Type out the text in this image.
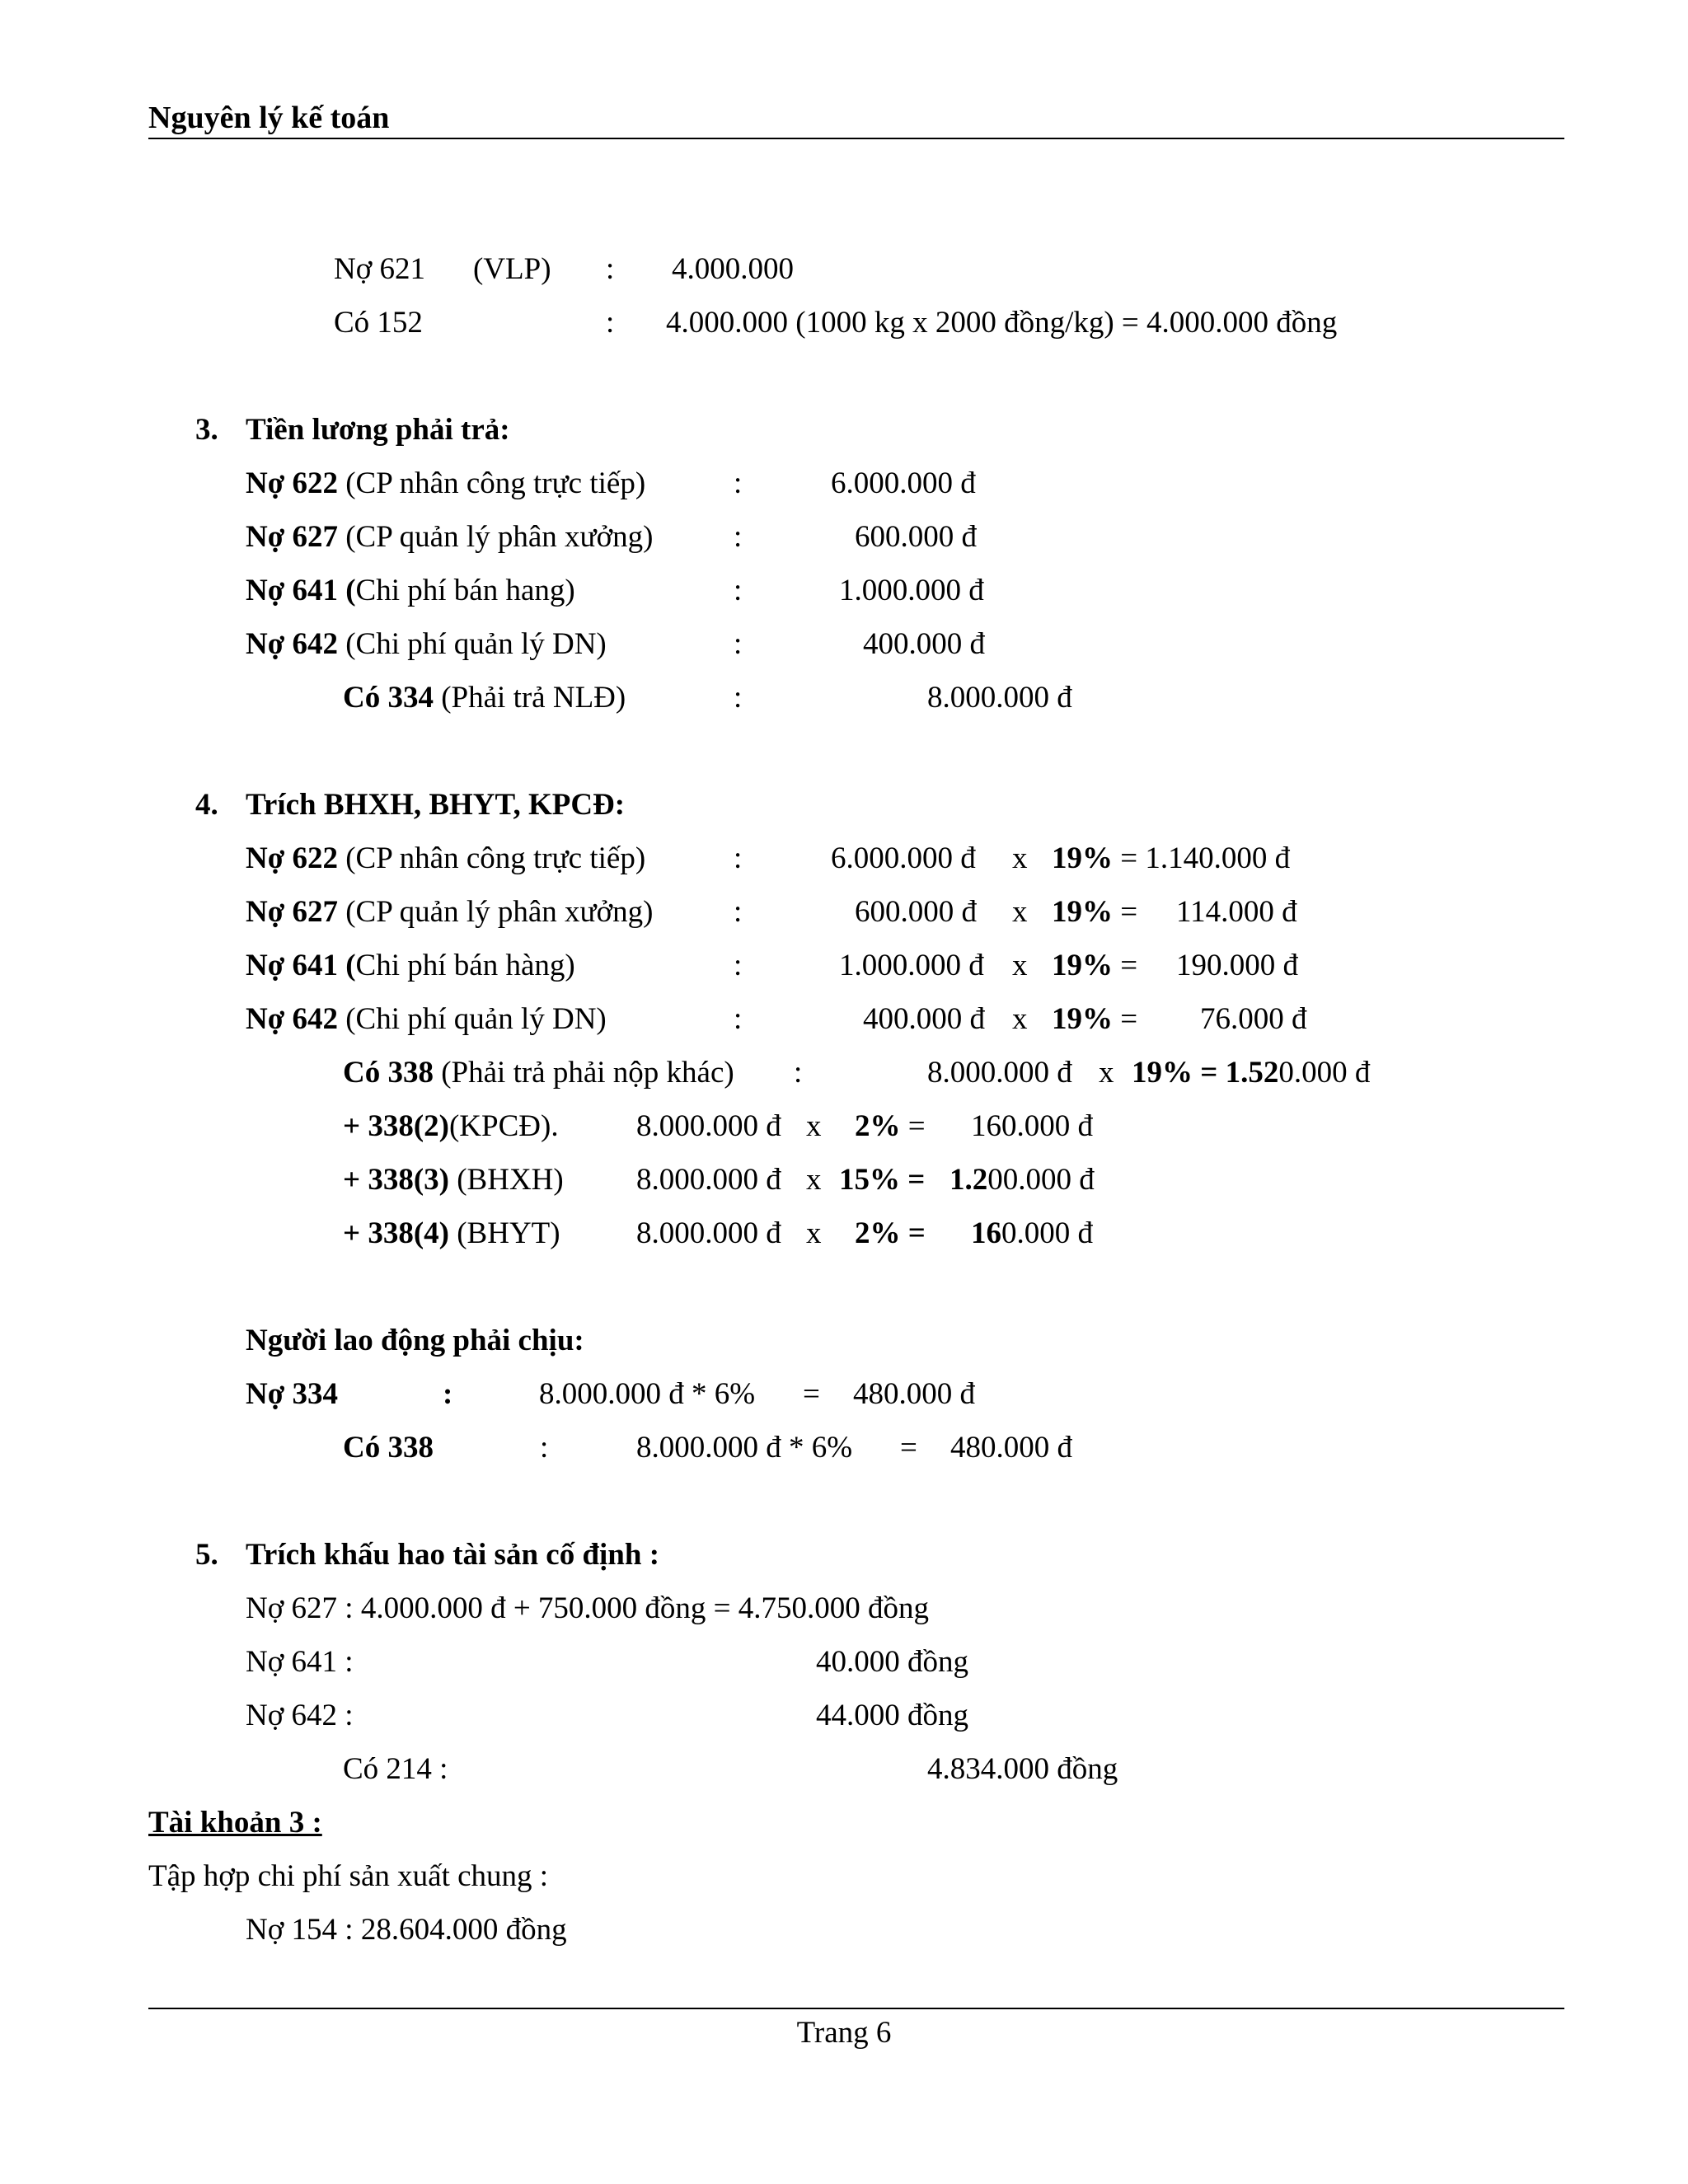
Nguyên lý kế toán
Nợ 621 (VLP) : 4.000.000
Có 152	: 4.000.000 (1000 kg x 2000 đồng/kg) = 4.000.000 đồng
3. Tiền lương phải trả:
Nợ 622 (CP nhân công trực tiếp)	:	6.000.000 đ
Nợ 627 (CP quản lý phân xưởng)	:	600.000 đ
Nợ 641 (Chi phí bán hang)	:	1.000.000 đ
Nợ 642 (Chi phí quản lý DN)	:	400.000 đ
Có 334 (Phải trả NLĐ)	:	8.000.000 đ
4. Trích BHXH, BHYT, KPCĐ:
Nợ 622 (CP nhân công trực tiếp)	:	6.000.000 đ x 19% = 1.140.000 đ
Nợ 627 (CP quản lý phân xưởng)	:	600.000 đ x 19% = 114.000 đ
Nợ 641 (Chi phí bán hàng)	:	1.000.000 đ x 19% = 190.000 đ
Nợ 642 (Chi phí quản lý DN)	:	400.000 đ x 19% = 76.000 đ
Có 338 (Phải trả phải nộp khác) :	8.000.000 đ x 19% = 1.520.000 đ
+ 338(2)(KPCĐ).	8.000.000 đ x 2% = 160.000 đ
+ 338(3) (BHXH) 8.000.000 đ x 15% = 1.200.000 đ
+ 338(4) (BHYT) 8.000.000 đ x 2% = 160.000 đ
Người lao động phải chịu:
Nợ 334	:	8.000.000 đ * 6% = 480.000 đ
Có 338	:	8.000.000 đ * 6% = 480.000 đ
5. Trích khấu hao tài sản cố định :
Nợ 627 : 4.000.000 đ + 750.000 đồng = 4.750.000 đồng
Nợ 641 :	40.000 đồng
Nợ 642 :	44.000 đồng
Có 214 :	4.834.000 đồng
Tài khoản 3 :
Tập hợp chi phí sản xuất chung :
Nợ 154 : 28.604.000 đồng
Trang 6
